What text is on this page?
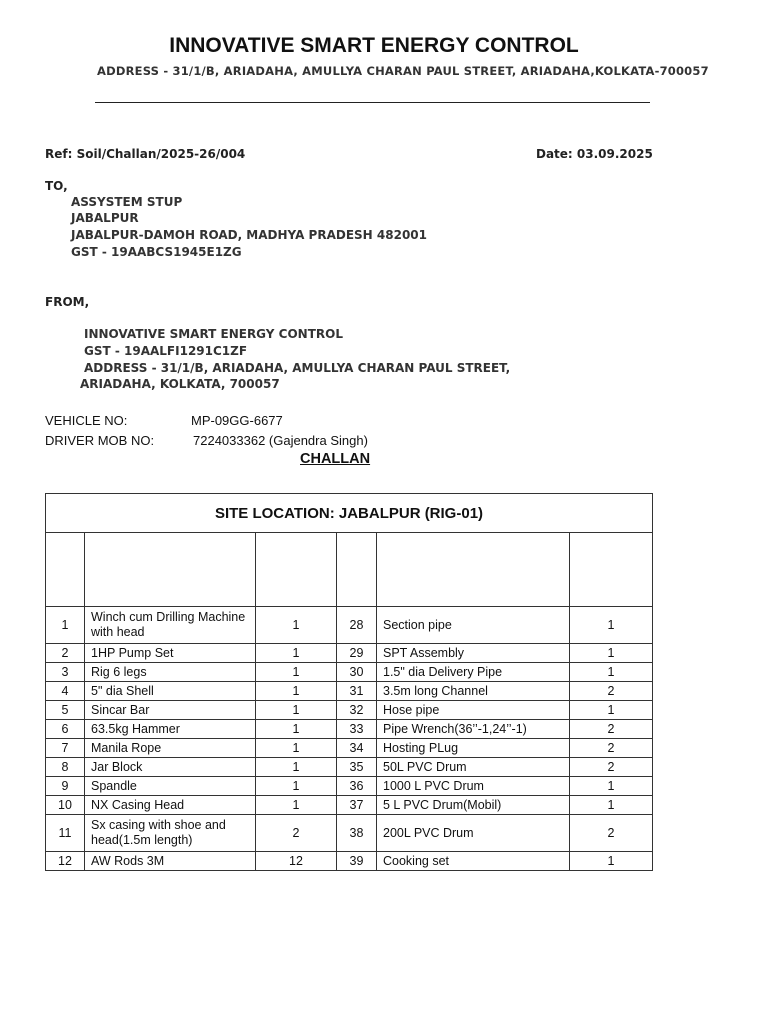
INNOVATIVE SMART ENERGY CONTROL
ADDRESS - 31/1/B, ARIADAHA, AMULLYA CHARAN PAUL STREET, ARIADAHA,KOLKATA-700057
Ref: Soil/Challan/2025-26/004	Date: 03.09.2025
TO,
ASSYSTEM STUP
JABALPUR
JABALPUR-DAMOH ROAD, MADHYA PRADESH 482001
GST - 19AABCS1945E1ZG
FROM,
INNOVATIVE SMART ENERGY CONTROL
GST - 19AALFI1291C1ZF
ADDRESS - 31/1/B, ARIADAHA, AMULLYA CHARAN PAUL STREET,
ARIADAHA, KOLKATA, 700057
VEHICLE NO:	MP-09GG-6677
DRIVER MOB NO:	7224033362 (Gajendra Singh)
CHALLAN
SITE LOCATION: JABALPUR (RIG-01)					

1	Winch cum Drilling Machine with head	1	28	Section pipe	1
2	1HP Pump Set	1	29	SPT Assembly	1
3	Rig 6 legs	1	30	1.5" dia Delivery Pipe	1
4	5" dia Shell	1	31	3.5m long Channel	2
5	Sincar Bar	1	32	Hose pipe	1
6	63.5kg Hammer	1	33	Pipe Wrench(36’’-1,24’’-1)	2
7	Manila Rope	1	34	Hosting PLug	2
8	Jar Block	1	35	50L PVC Drum	2
9	Spandle	1	36	1000 L PVC Drum	1
10	NX Casing Head	1	37	5 L PVC Drum(Mobil)	1
11	Sx casing with shoe and head(1.5m length)	2	38	200L PVC Drum	2
12	AW Rods 3M	12	39	Cooking set	1
